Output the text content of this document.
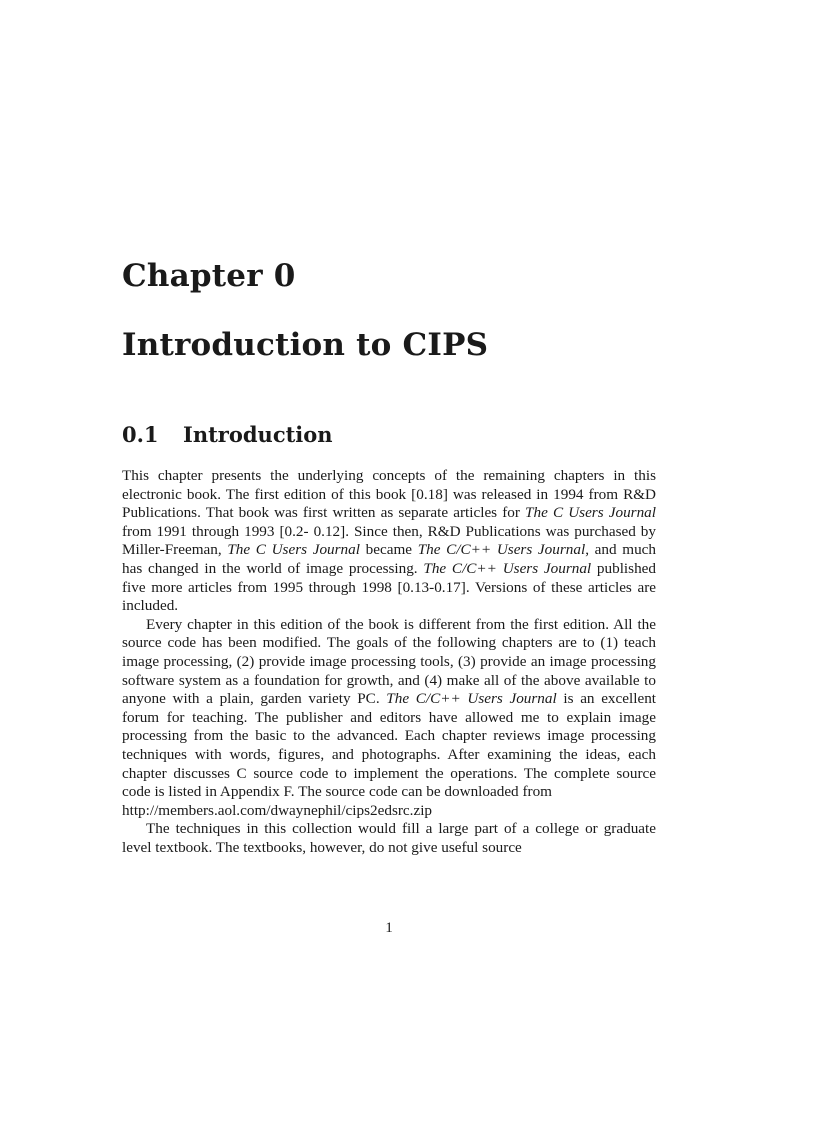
Chapter 0
Introduction to CIPS
0.1 Introduction

This chapter presents the underlying concepts of the remaining chapters in this electronic book. The first edition of this book [0.18] was released in 1994 from R&D Publications. That book was first written as separate articles for The C Users Journal from 1991 through 1993 [0.2- 0.12]. Since then, R&D Publications was purchased by Miller-Freeman, The C Users Journal became The C/C++ Users Journal, and much has changed in the world of image processing. The C/C++ Users Journal published five more articles from 1995 through 1998 [0.13-0.17]. Versions of these articles are included.

Every chapter in this edition of the book is different from the first edition. All the source code has been modified. The goals of the following chapters are to (1) teach image processing, (2) provide image processing tools, (3) provide an image processing software system as a foundation for growth, and (4) make all of the above available to anyone with a plain, garden variety PC. The C/C++ Users Journal is an excellent forum for teaching. The publisher and editors have allowed me to explain image processing from the basic to the advanced. Each chapter reviews image processing techniques with words, figures, and photographs. After examining the ideas, each chapter discusses C source code to implement the operations. The complete source code is listed in Appendix F. The source code can be downloaded from
http://members.aol.com/dwaynephil/cips2edsrc.zip

The techniques in this collection would fill a large part of a college or graduate level textbook. The textbooks, however, do not give useful source

1
